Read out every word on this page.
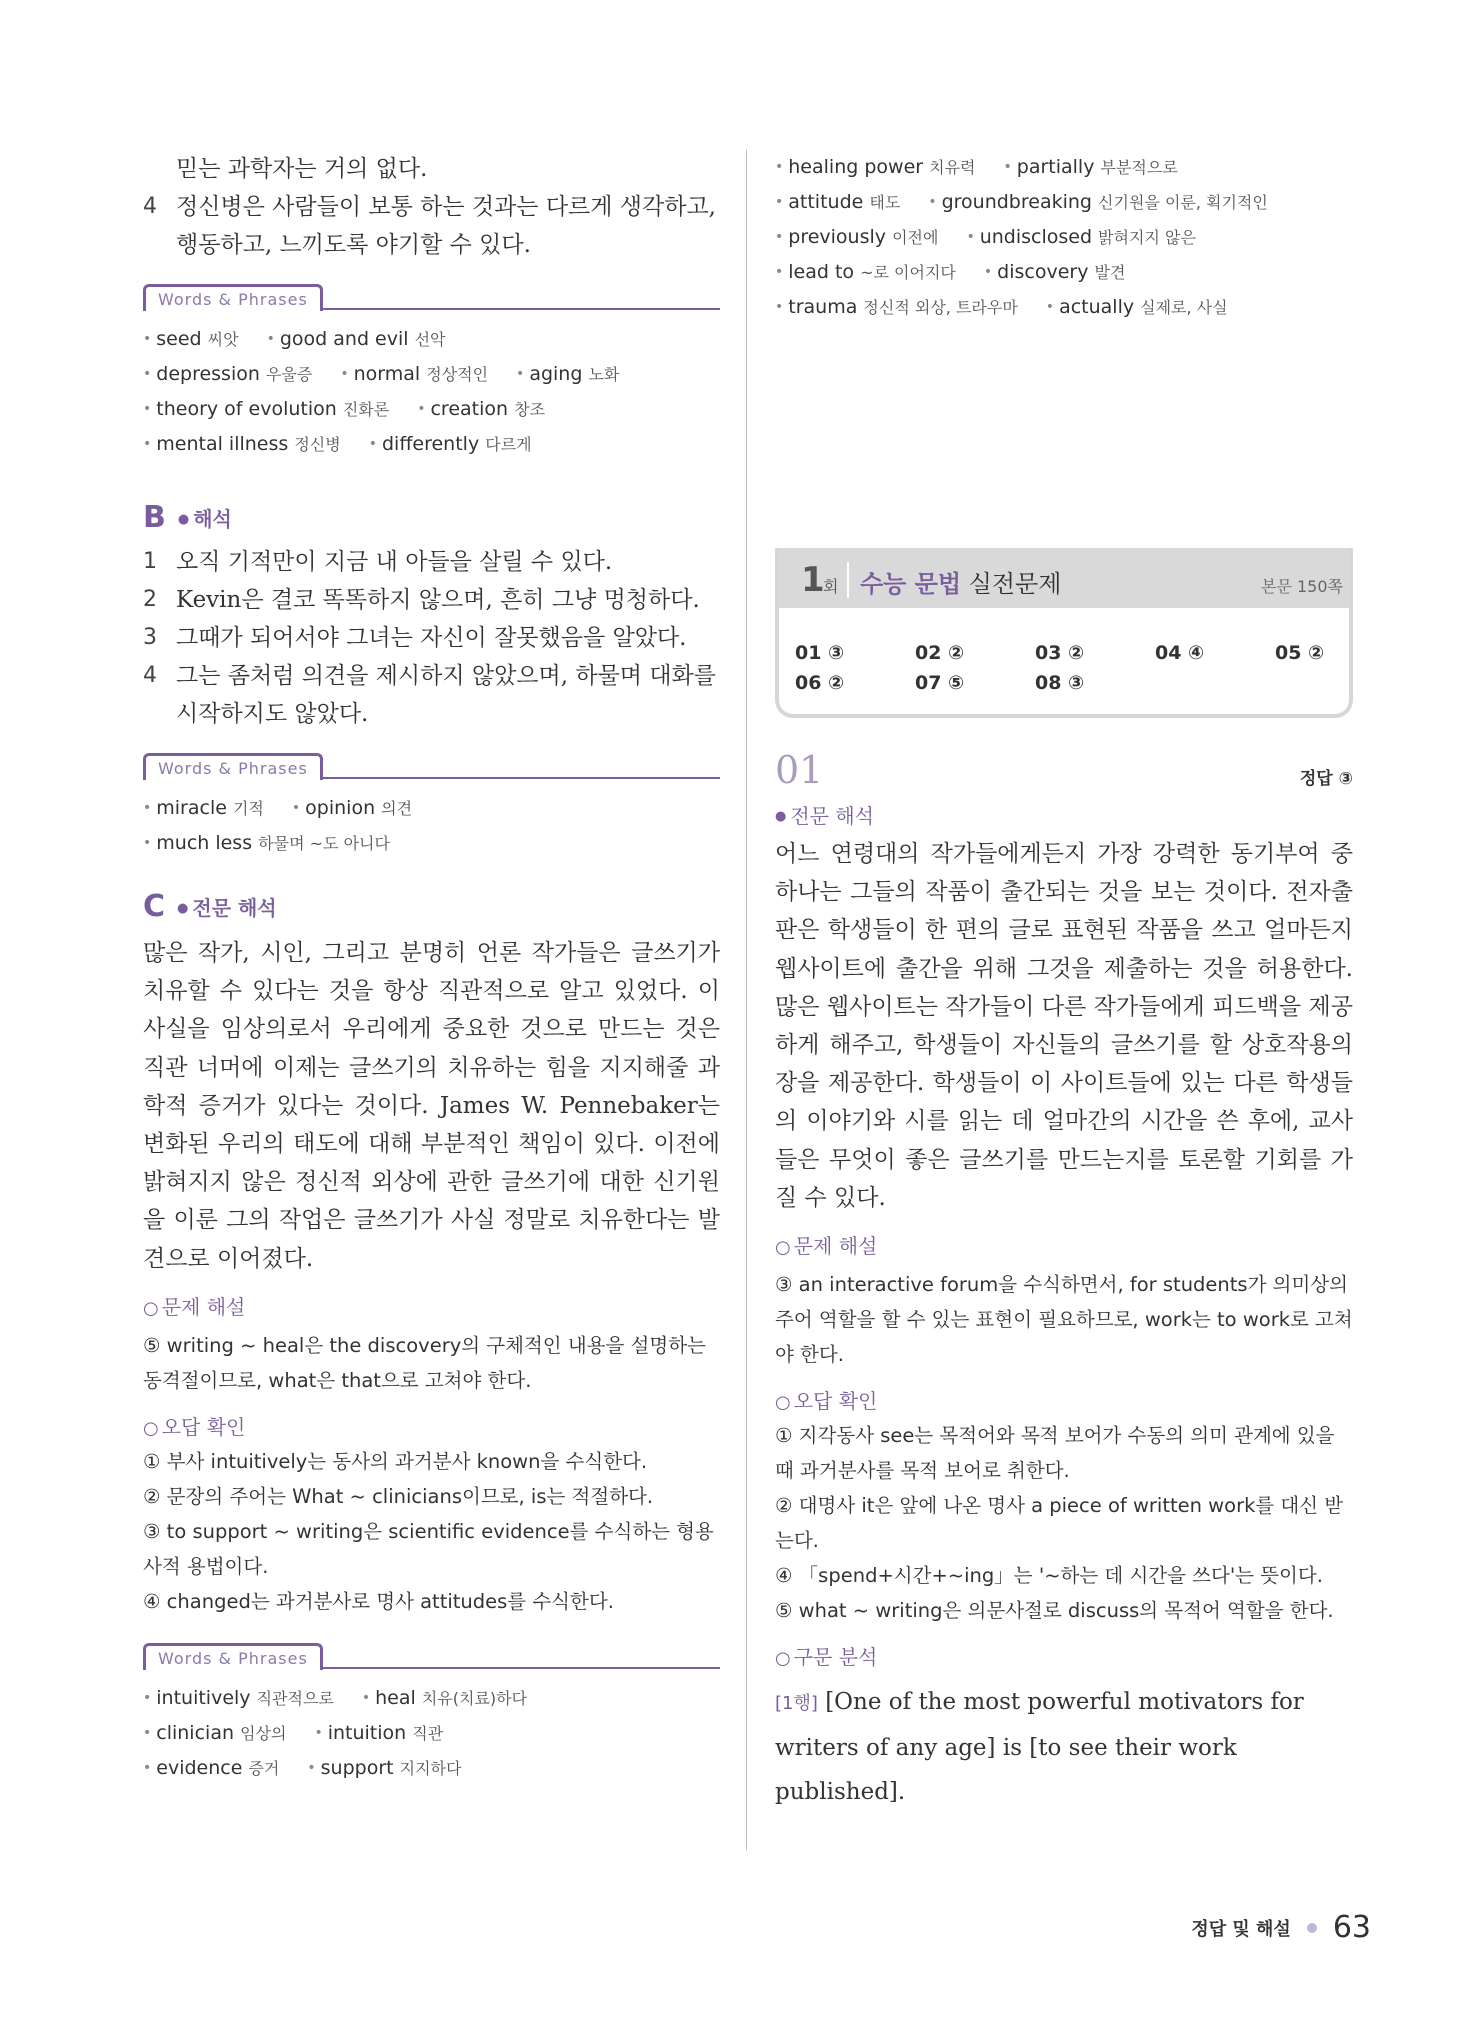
믿는 과학자는 거의 없다.
4 정신병은 사람들이 보통 하는 것과는 다르게 생각하고, 행동하고, 느끼도록 야기할 수 있다.
Words & Phrases
• seed 씨앗 • good and evil 선악
• depression 우울증 • normal 정상적인 • aging 노화
• theory of evolution 진화론 • creation 창조
• mental illness 정신병 • differently 다르게
B	● 해석
1 오직 기적만이 지금 내 아들을 살릴 수 있다.
2 Kevin은 결코 똑똑하지 않으며, 흔히 그냥 멍청하다.
3 그때가 되어서야 그녀는 자신이 잘못했음을 알았다.
4 그는 좀처럼 의견을 제시하지 않았으며, 하물며 대화를 시작하지도 않았다.
Words & Phrases
• miracle 기적 • opinion 의견
• much less 하물며 ~도 아니다
C	● 전문 해석

많은 작가, 시인, 그리고 분명히 언론 작가들은 글쓰기가 치유할 수 있다는 것을 항상 직관적으로 알고 있었다. 이 사실을 임상의로서 우리에게 중요한 것으로 만드는 것은 직관 너머에 이제는 글쓰기의 치유하는 힘을 지지해줄 과학적 증거가 있다는 것이다. James W. Pennebaker는 변화된 우리의 태도에 대해 부분적인 책임이 있다. 이전에 밝혀지지 않은 정신적 외상에 관한 글쓰기에 대한 신기원을 이룬 그의 작업은 글쓰기가 사실 정말로 치유한다는 발견으로 이어졌다.

○ 문제 해설

⑤ writing ~ heal은 the discovery의 구체적인 내용을 설명하는 동격절이므로, what은 that으로 고쳐야 한다.

○ 오답 확인

① 부사 intuitively는 동사의 과거분사 known을 수식한다.

② 문장의 주어는 What ~ clinicians이므로, is는 적절하다.

③ to support ~ writing은 scientific evidence를 수식하는 형용사적 용법이다.

④ changed는 과거분사로 명사 attitudes를 수식한다.

Words & Phrases
• intuitively 직관적으로 • heal 치유(치료)하다
• clinician 임상의 • intuition 직관
• evidence 증거 • support 지지하다
• healing power 치유력 • partially 부분적으로
• attitude 태도 • groundbreaking 신기원을 이룬, 획기적인
• previously 이전에 • undisclosed 밝혀지지 않은
• lead to ~로 이어지다 • discovery 발견
• trauma 정신적 외상, 트라우마 • actually 실제로, 사실
1
회 수능 문법 실전문제	본문 150쪽
01 ③	02 ②	03 ②	04 ④	05 ②
06 ②	07 ⑤	08 ③
01	정답 ③
● 전문 해석

어느 연령대의 작가들에게든지 가장 강력한 동기부여 중 하나는 그들의 작품이 출간되는 것을 보는 것이다. 전자출판은 학생들이 한 편의 글로 표현된 작품을 쓰고 얼마든지 웹사이트에 출간을 위해 그것을 제출하는 것을 허용한다. 많은 웹사이트는 작가들이 다른 작가들에게 피드백을 제공하게 해주고, 학생들이 자신들의 글쓰기를 할 상호작용의 장을 제공한다. 학생들이 이 사이트들에 있는 다른 학생들의 이야기와 시를 읽는 데 얼마간의 시간을 쓴 후에, 교사들은 무엇이 좋은 글쓰기를 만드는지를 토론할 기회를 가질 수 있다.

○ 문제 해설

③ an interactive forum을 수식하면서, for students가 의미상의 주어 역할을 할 수 있는 표현이 필요하므로, work는 to work로 고쳐야 한다.

○ 오답 확인

① 지각동사 see는 목적어와 목적 보어가 수동의 의미 관계에 있을 때 과거분사를 목적 보어로 취한다.

② 대명사 it은 앞에 나온 명사 a piece of written work를 대신 받는다.

④ 「spend+시간+~ing」는 '~하는 데 시간을 쓰다'는 뜻이다.

⑤ what ~ writing은 의문사절로 discuss의 목적어 역할을 한다.

○ 구문 분석
[1행] [One of the most powerful motivators for writers of any age] is [to see their work published].
정답 및 해설 63
